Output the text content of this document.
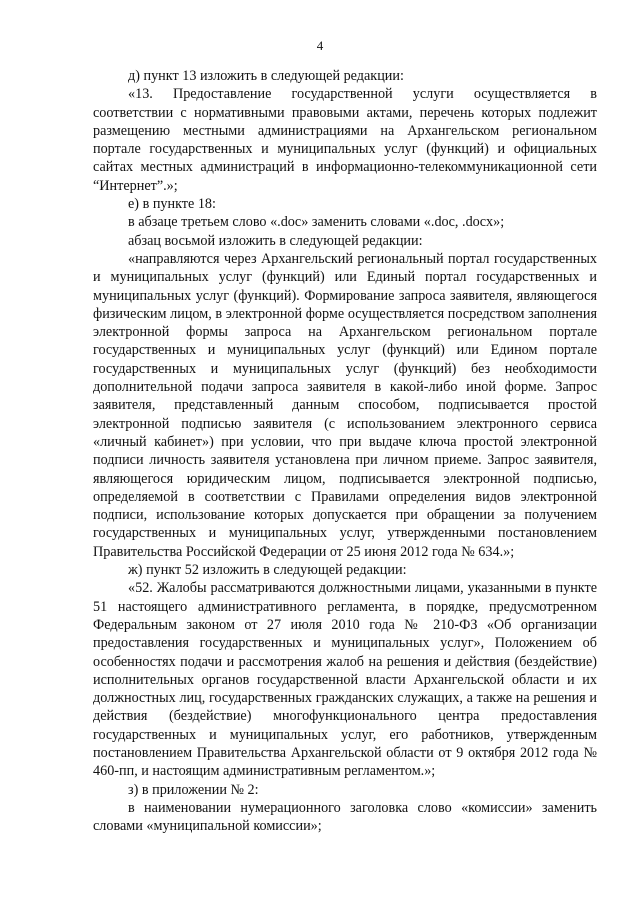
4

д) пункт 13 изложить в следующей редакции:

«13. Предоставление государственной услуги осуществляется в соответствии с нормативными правовыми актами, перечень которых подлежит размещению местными администрациями на Архангельском региональном портале государственных и муниципальных услуг (функций) и официальных сайтах местных администраций в информационно-телекоммуникационной сети “Интернет”.»;

е) в пункте 18:

в абзаце третьем слово «.doc» заменить словами «.doc, .docx»;

абзац восьмой изложить в следующей редакции:

«направляются через Архангельский региональный портал государственных и муниципальных услуг (функций) или Единый портал государственных и муниципальных услуг (функций). Формирование запроса заявителя, являющегося физическим лицом, в электронной форме осуществляется посредством заполнения электронной формы запроса на Архангельском региональном портале государственных и муниципальных услуг (функций) или Едином портале государственных и муниципальных услуг (функций) без необходимости дополнительной подачи запроса заявителя в какой-либо иной форме. Запрос заявителя, представленный данным способом, подписывается простой электронной подписью заявителя (с использованием электронного сервиса «личный кабинет») при условии, что при выдаче ключа простой электронной подписи личность заявителя установлена при личном приеме. Запрос заявителя, являющегося юридическим лицом, подписывается электронной подписью, определяемой в соответствии с Правилами определения видов электронной подписи, использование которых допускается при обращении за получением государственных и муниципальных услуг, утвержденными постановлением Правительства Российской Федерации от 25 июня 2012 года № 634.»;

ж) пункт 52 изложить в следующей редакции:

«52. Жалобы рассматриваются должностными лицами, указанными в пункте 51 настоящего административного регламента, в порядке, предусмотренном Федеральным законом от 27 июля 2010 года № 210-ФЗ «Об организации предоставления государственных и муниципальных услуг», Положением об особенностях подачи и рассмотрения жалоб на решения и действия (бездействие) исполнительных органов государственной власти Архангельской области и их должностных лиц, государственных гражданских служащих, а также на решения и действия (бездействие) многофункционального центра предоставления государственных и муниципальных услуг, его работников, утвержденным постановлением Правительства Архангельской области от 9 октября 2012 года № 460-пп, и настоящим административным регламентом.»;

з) в приложении № 2:

в наименовании нумерационного заголовка слово «комиссии» заменить словами «муниципальной комиссии»;
